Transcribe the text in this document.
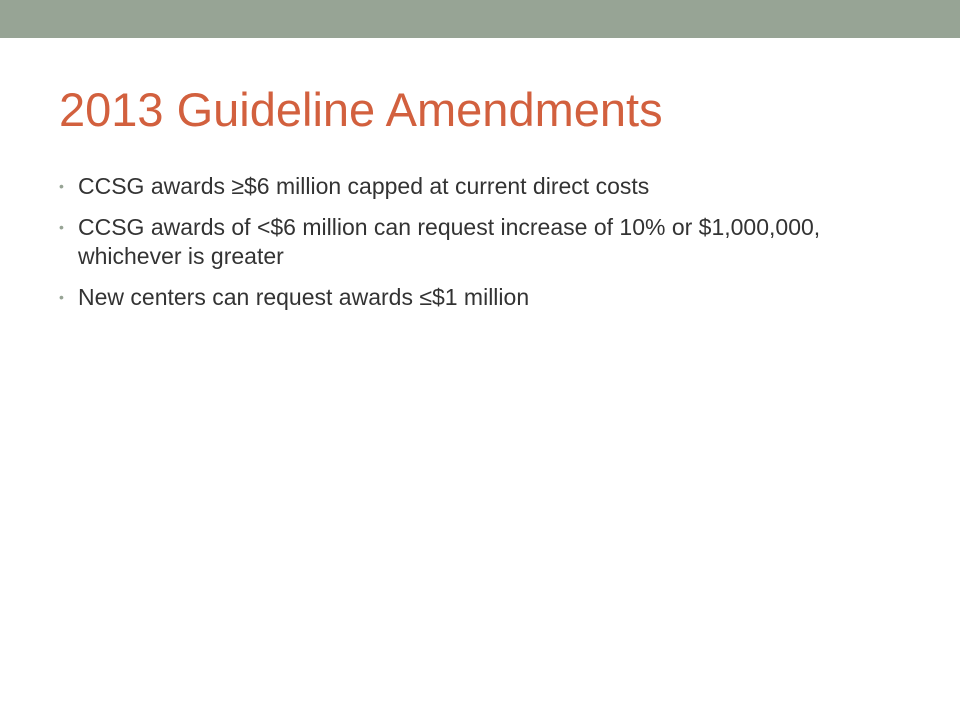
2013 Guideline Amendments
• CCSG awards ≥$6 million capped at current direct costs
• CCSG awards of <$6 million can request increase of 10% or $1,000,000, whichever is greater
• New centers can request awards ≤$1 million
